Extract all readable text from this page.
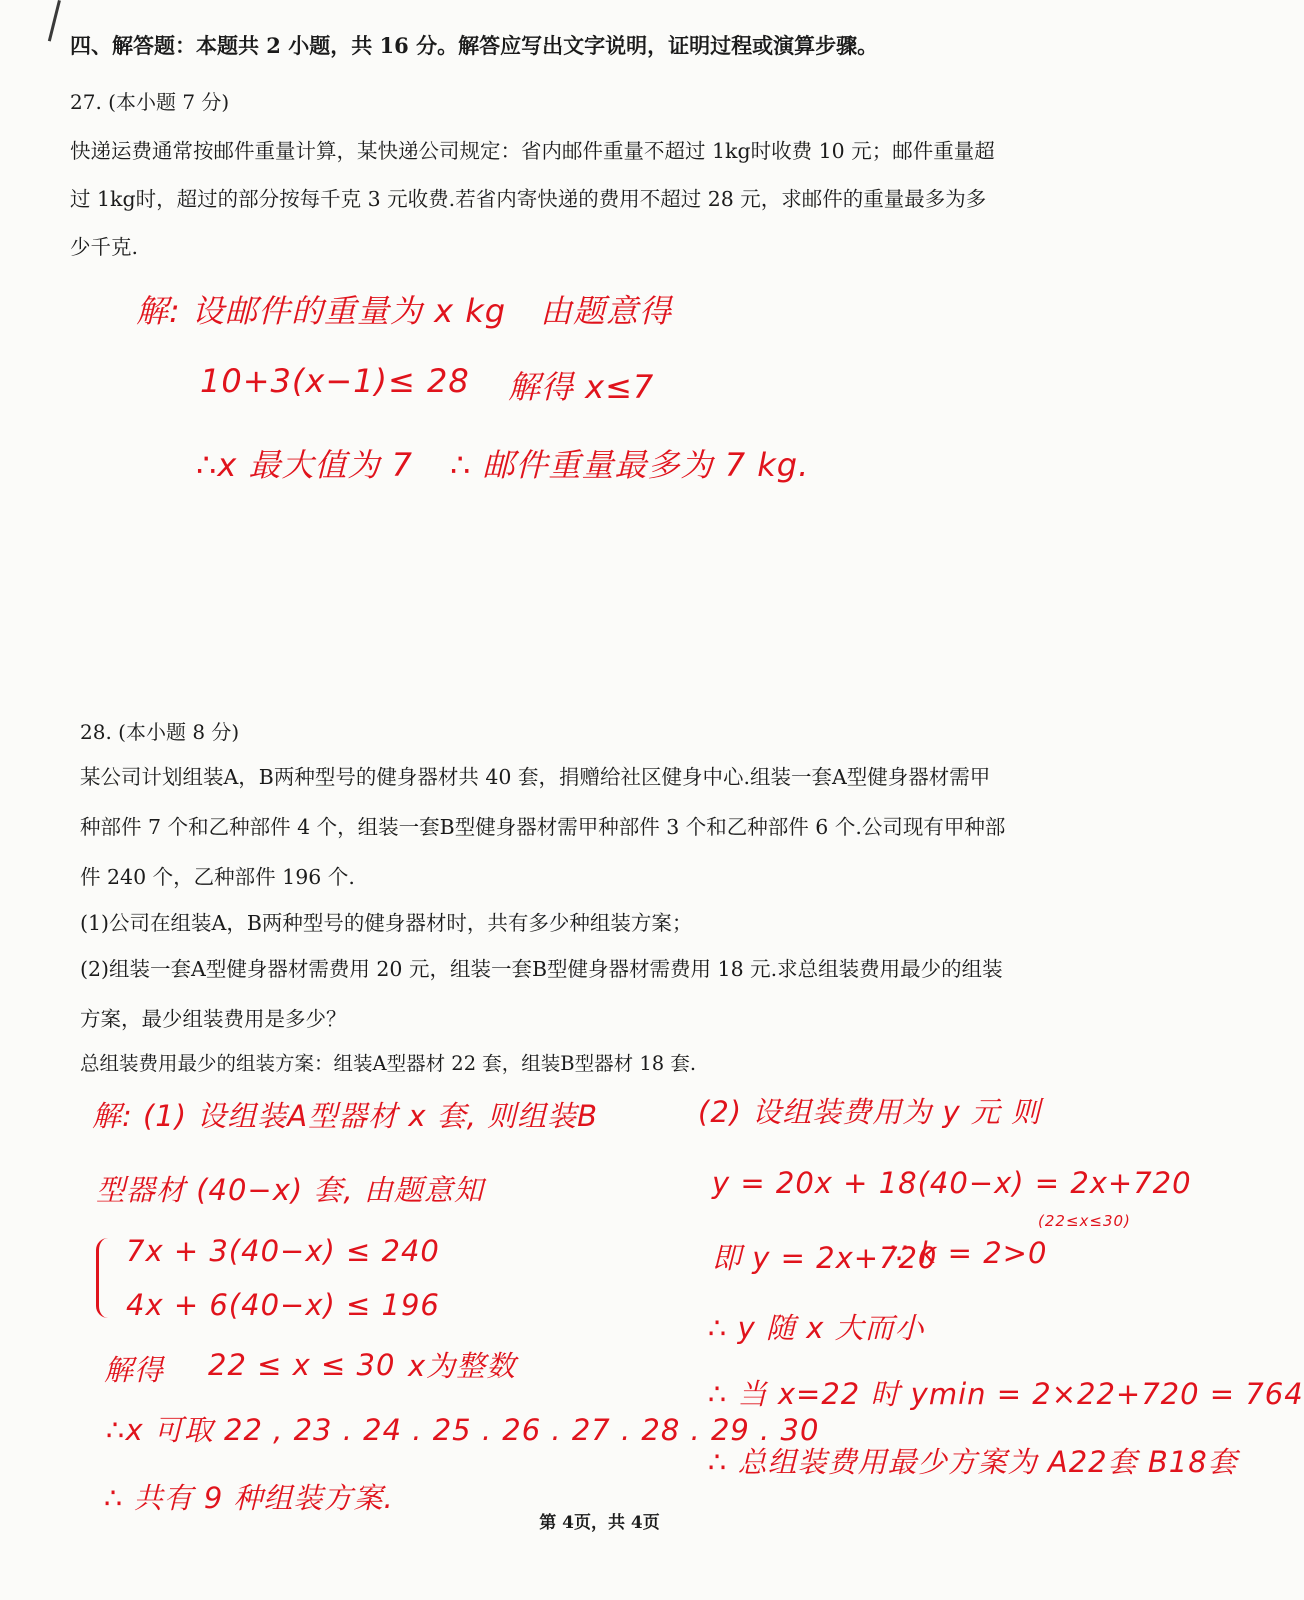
四、解答题：本题共 2 小题，共 16 分。解答应写出文字说明，证明过程或演算步骤。
27. (本小题 7 分)
快递运费通常按邮件重量计算，某快递公司规定：省内邮件重量不超过 1kg时收费 10 元；邮件重量超
过 1kg时，超过的部分按每千克 3 元收费.若省内寄快递的费用不超过 28 元，求邮件的重量最多为多
少千克.
解: 设邮件的重量为 x kg 由题意得
10+3(x−1)≤ 28 解得 x≤7
∴x 最大值为 7 ∴ 邮件重量最多为 7 kg.
28. (本小题 8 分)
某公司计划组装A，B两种型号的健身器材共 40 套，捐赠给社区健身中心.组装一套A型健身器材需甲
种部件 7 个和乙种部件 4 个，组装一套B型健身器材需甲种部件 3 个和乙种部件 6 个.公司现有甲种部
件 240 个，乙种部件 196 个.
(1)公司在组装A，B两种型号的健身器材时，共有多少种组装方案；
(2)组装一套A型健身器材需费用 20 元，组装一套B型健身器材需费用 18 元.求总组装费用最少的组装
方案，最少组装费用是多少？
总组装费用最少的组装方案：组装A型器材 22 套，组装B型器材 18 套.
解: (1) 设组装A型器材 x 套, 则组装B
型器材 (40−x) 套, 由题意知
7x + 3(40−x) ≤ 240
4x + 6(40−x) ≤ 196
解得 22 ≤ x ≤ 30 x为整数
∴x 可取 22 , 23 . 24 . 25 . 26 . 27 . 28 . 29 . 30
∴ 共有 9 种组装方案.
(2) 设组装费用为 y 元 则
y = 20x + 18(40−x) = 2x+720
(22≤x≤30)
即 y = 2x+720
∵ k = 2>0
∴ y 随 x 大而小
∴ 当 x=22 时 ymin = 2×22+720 = 764
∴ 总组装费用最少方案为 A22套 B18套
第 4页，共 4页
